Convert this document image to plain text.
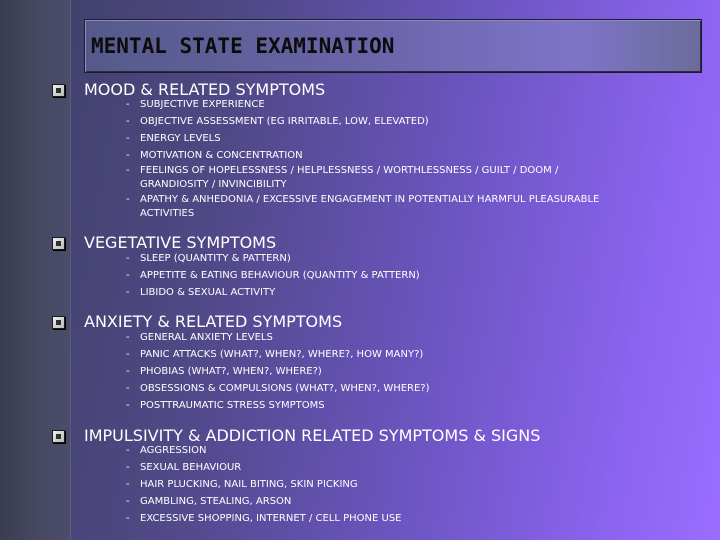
MENTAL STATE EXAMINATION
MOOD & RELATED SYMPTOMS
-	SUBJECTIVE EXPERIENCE
-	OBJECTIVE ASSESSMENT (EG IRRITABLE, LOW, ELEVATED)
-	ENERGY LEVELS
-	MOTIVATION & CONCENTRATION
-	FEELINGS OF HOPELESSNESS / HELPLESSNESS / WORTHLESSNESS / GUILT / DOOM / GRANDIOSITY / INVINCIBILITY
-	APATHY & ANHEDONIA / EXCESSIVE ENGAGEMENT IN POTENTIALLY HARMFUL PLEASURABLE ACTIVITIES
VEGETATIVE SYMPTOMS
-	SLEEP (QUANTITY & PATTERN)
-	APPETITE & EATING BEHAVIOUR (QUANTITY & PATTERN)
-	LIBIDO & SEXUAL ACTIVITY
ANXIETY & RELATED SYMPTOMS
-	GENERAL ANXIETY LEVELS
-	PANIC ATTACKS (WHAT?, WHEN?, WHERE?, HOW MANY?)
-	PHOBIAS (WHAT?, WHEN?, WHERE?)
-	OBSESSIONS & COMPULSIONS (WHAT?, WHEN?, WHERE?)
-	POSTTRAUMATIC STRESS SYMPTOMS
IMPULSIVITY & ADDICTION RELATED SYMPTOMS & SIGNS
-	AGGRESSION
-	SEXUAL BEHAVIOUR
-	HAIR PLUCKING, NAIL BITING, SKIN PICKING
-	GAMBLING, STEALING, ARSON
-	EXCESSIVE SHOPPING, INTERNET / CELL PHONE USE
